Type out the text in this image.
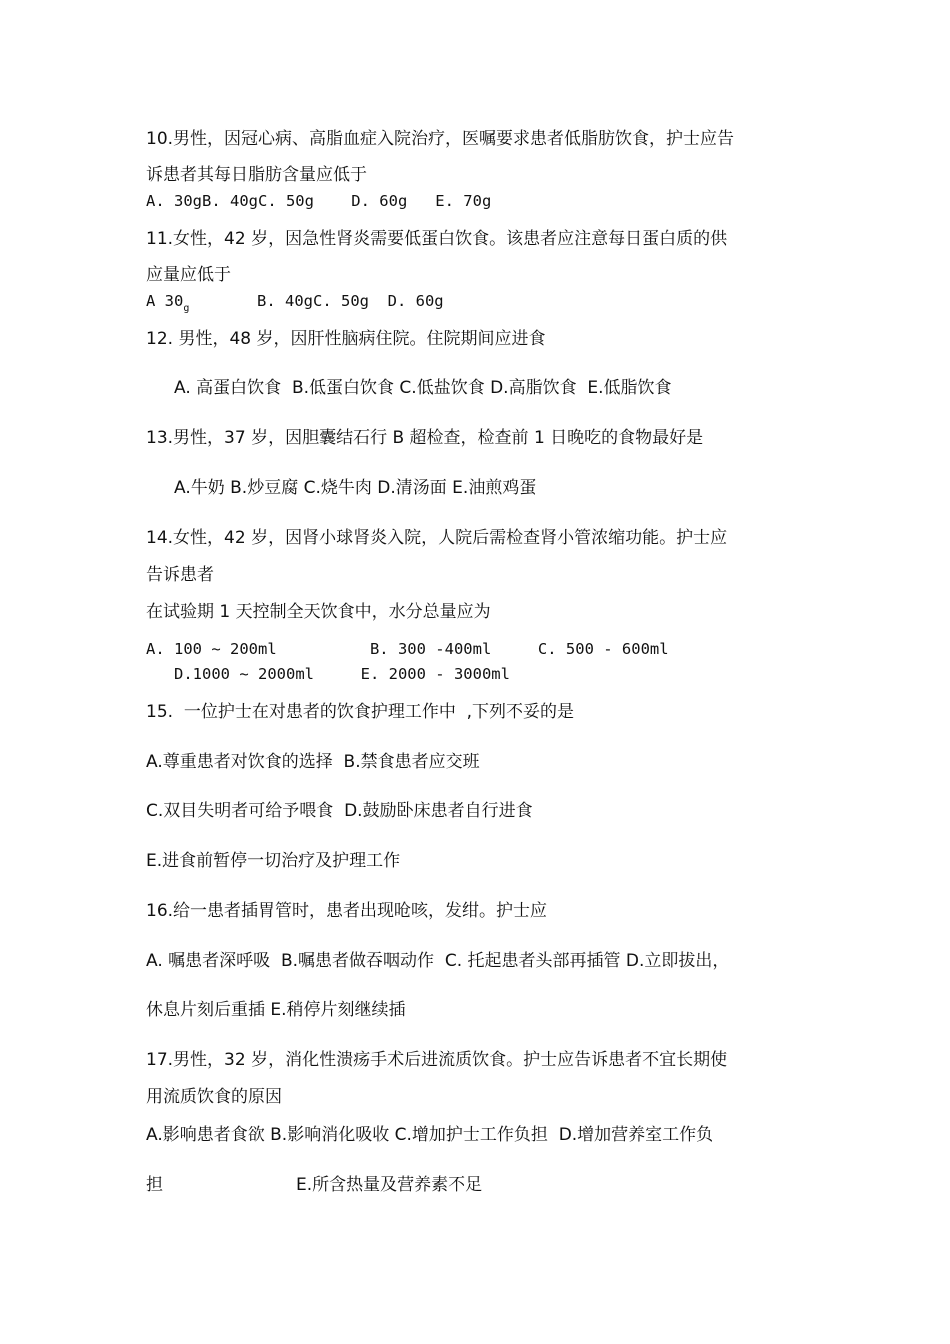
10.男性，因冠心病、高脂血症入院治疗，医嘱要求患者低脂肪饮食，护士应告
诉患者其每日脂肪含量应低于
A. 30gB. 40gC. 50g    D. 60g   E. 70g
11.女性，42 岁，因急性肾炎需要低蛋白饮食。该患者应注意每日蛋白质的供
应量应低于
A $30_g$	B. 40gC. 50g  D. 60g
12. 男性，48 岁，因肝性脑病住院。住院期间应进食
A. 高蛋白饮食  B.低蛋白饮食 C.低盐饮食 D.高脂饮食  E.低脂饮食
13.男性，37 岁，因胆囊结石行 B 超检查，检查前 1 日晚吃的食物最好是
A.牛奶 B.炒豆腐 C.烧牛肉 D.清汤面 E.油煎鸡蛋
14.女性，42 岁，因肾小球肾炎入院，人院后需检查肾小管浓缩功能。护士应
告诉患者
在试验期 1 天控制全天饮食中，水分总量应为
A. 100 ~ 200ml          B. 300 -400ml     C. 500 - 600ml
D.1000 ~ 2000ml     E. 2000 - 3000ml
15.  一位护士在对患者的饮食护理工作中  ,下列不妥的是
A.尊重患者对饮食的选择  B.禁食患者应交班
C.双目失明者可给予喂食  D.鼓励卧床患者自行进食
E.进食前暂停一切治疗及护理工作
16.给一患者插胃管时，患者出现呛咳，发绀。护士应
A. 嘱患者深呼吸  B.嘱患者做吞咽动作  C. 托起患者头部再插管 D.立即拔出，
休息片刻后重插 E.稍停片刻继续插
17.男性，32 岁，消化性溃疡手术后进流质饮食。护士应告诉患者不宜长期使
用流质饮食的原因
A.影响患者食欲 B.影响消化吸收 C.增加护士工作负担  D.增加营养室工作负
担	E.所含热量及营养素不足
